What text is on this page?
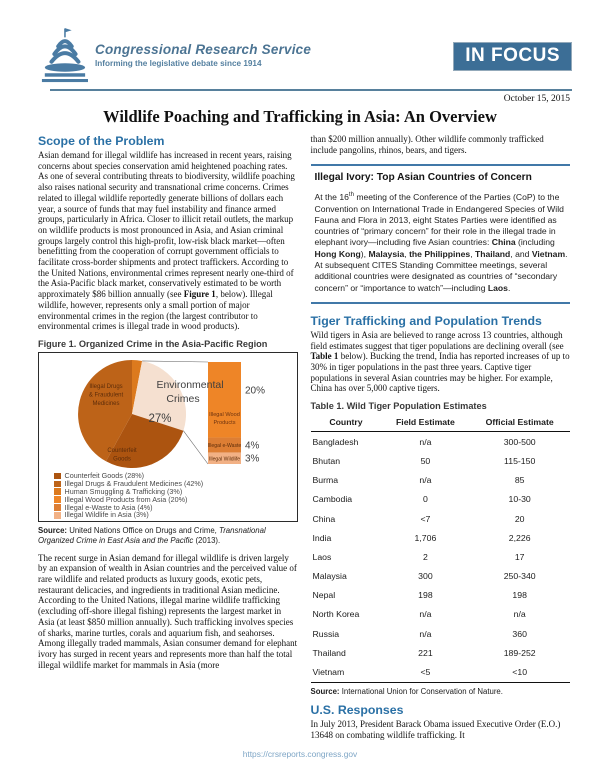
Congressional Research Service
Informing the legislative debate since 1914	IN FOCUS
October 15, 2015
Wildlife Poaching and Trafficking in Asia: An Overview
Scope of the Problem

Asian demand for illegal wildlife has increased in recent years, raising concerns about species conservation amid heightened poaching rates. As one of several contributing threats to biodiversity, wildlife poaching also raises national security and transnational crime concerns. Crimes related to illegal wildlife reportedly generate billions of dollars each year, a source of funds that may fuel instability and finance armed groups, particularly in Africa. Closer to illicit retail outlets, the markup on wildlife products is most pronounced in Asia, and Asian criminal groups largely control this high-profit, low-risk black market—often benefitting from the cooperation of corrupt government officials to facilitate cross-border shipments and protect traffickers. According to the United Nations, environmental crimes represent nearly one-third of the Asia-Pacific black market, conservatively estimated to be worth approximately $86 billion annually (see Figure 1, below). Illegal wildlife, however, represents only a small portion of major environmental crimes in the region (the largest contributor to environmental crimes is illegal trade in wood products).

Figure 1. Organized Crime in the Asia-Pacific Region
Illegal Wood
Products
20%
Illegal e-Waste 4%
Illegal Wildlife 3%
Illegal Drugs
& Fraudulent
Medicines
Counterfeit
Goods
Environmental
Crimes
27%
Counterfeit Goods (28%)
Illegal Drugs & Fraudulent Medicines (42%)
Human Smuggling & Trafficking (3%)
Illegal Wood Products from Asia (20%)
Illegal e-Waste to Asia (4%)
Illegal Wildlife in Asia (3%)
Source: United Nations Office on Drugs and Crime, Transnational Organized Crime in East Asia and the Pacific (2013).

The recent surge in Asian demand for illegal wildlife is driven largely by an expansion of wealth in Asian countries and the perceived value of rare wildlife and related products as luxury goods, exotic pets, restaurant delicacies, and ingredients in traditional Asian medicine. According to the United Nations, illegal marine wildlife trafficking (excluding off-shore illegal fishing) represents the largest market in Asia (at least $850 million annually). Such trafficking involves species of sharks, marine turtles, corals and aquarium fish, and seahorses. Among illegally traded mammals, Asian consumer demand for elephant ivory has surged in recent years and represents more than half the total illegal wildlife market for mammals in Asia (more

than $200 million annually). Other wildlife commonly trafficked include pangolins, rhinos, bears, and tigers.

Illegal Ivory: Top Asian Countries of Concern
At the 16th meeting of the Conference of the Parties (CoP) to the Convention on International Trade in Endangered Species of Wild Fauna and Flora in 2013, eight States Parties were identified as countries of “primary concern” for their role in the illegal trade in elephant ivory—including five Asian countries: China (including Hong Kong), Malaysia, the Philippines, Thailand, and Vietnam. At subsequent CITES Standing Committee meetings, several additional countries were designated as countries of “secondary concern” or “importance to watch”—including Laos.
Tiger Trafficking and Population Trends

Wild tigers in Asia are believed to range across 13 countries, although field estimates suggest that tiger populations are declining overall (see Table 1 below). Bucking the trend, India has reported increases of up to 30% in tiger populations in the past three years. Captive tiger populations in several Asian countries may be higher. For example, China has over 5,000 captive tigers.

Table 1. Wild Tiger Population Estimates
Country	Field Estimate	Official Estimate
Bangladesh	n/a	300-500
Bhutan	50	115-150
Burma	n/a	85
Cambodia	0	10-30
China	<7	20
India	1,706	2,226
Laos	2	17
Malaysia	300	250-340
Nepal	198	198
North Korea	n/a	n/a
Russia	n/a	360
Thailand	221	189-252
Vietnam	<5	<10
Source: International Union for Conservation of Nature.
U.S. Responses

In July 2013, President Barack Obama issued Executive Order (E.O.) 13648 on combating wildlife trafficking. It

https://crsreports.congress.gov
